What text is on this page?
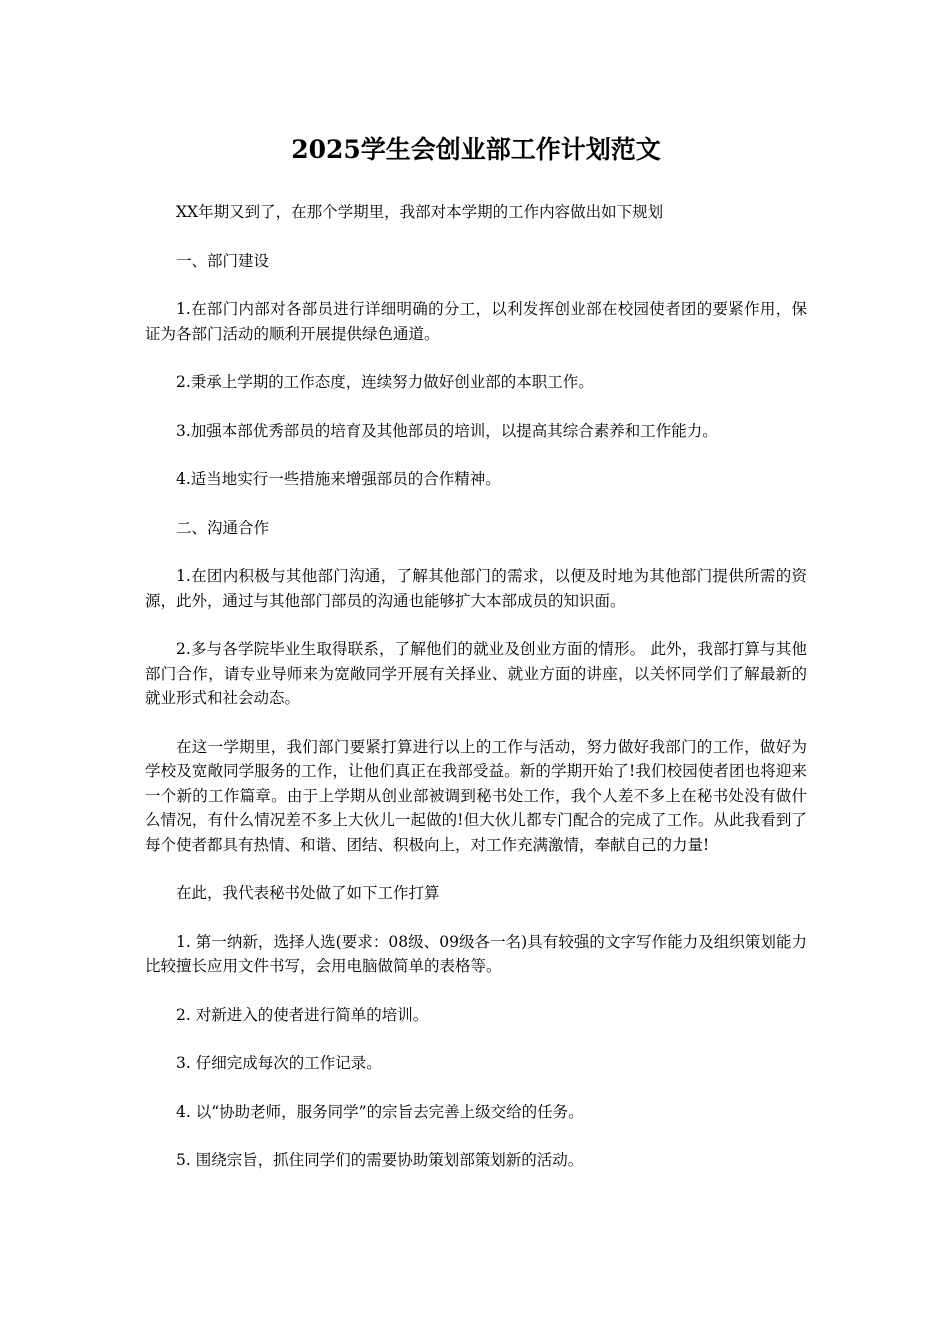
2025学生会创业部工作计划范文

XX年期又到了，在那个学期里，我部对本学期的工作内容做出如下规划

一、部门建设

1.在部门内部对各部员进行详细明确的分工，以利发挥创业部在校园使者团的要紧作用，保证为各部门活动的顺利开展提供绿色通道。

2.秉承上学期的工作态度，连续努力做好创业部的本职工作。

3.加强本部优秀部员的培育及其他部员的培训，以提高其综合素养和工作能力。

4.适当地实行一些措施来增强部员的合作精神。

二、沟通合作

1.在团内积极与其他部门沟通，了解其他部门的需求，以便及时地为其他部门提供所需的资源，此外，通过与其他部门部员的沟通也能够扩大本部成员的知识面。

2.多与各学院毕业生取得联系，了解他们的就业及创业方面的情形。 此外，我部打算与其他部门合作，请专业导师来为宽敞同学开展有关择业、就业方面的讲座，以关怀同学们了解最新的就业形式和社会动态。

在这一学期里，我们部门要紧打算进行以上的工作与活动，努力做好我部门的工作，做好为学校及宽敞同学服务的工作，让他们真正在我部受益。新的学期开始了!我们校园使者团也将迎来一个新的工作篇章。由于上学期从创业部被调到秘书处工作，我个人差不多上在秘书处没有做什么情况，有什么情况差不多上大伙儿一起做的!但大伙儿都专门配合的完成了工作。从此我看到了每个使者都具有热情、和谐、团结、积极向上，对工作充满激情，奉献自己的力量!

在此，我代表秘书处做了如下工作打算

1. 第一纳新，选择人选(要求：08级、09级各一名)具有较强的文字写作能力及组织策划能力比较擅长应用文件书写，会用电脑做简单的表格等。

2. 对新进入的使者进行简单的培训。

3. 仔细完成每次的工作记录。

4. 以“协助老师，服务同学”的宗旨去完善上级交给的任务。

5. 围绕宗旨，抓住同学们的需要协助策划部策划新的活动。
